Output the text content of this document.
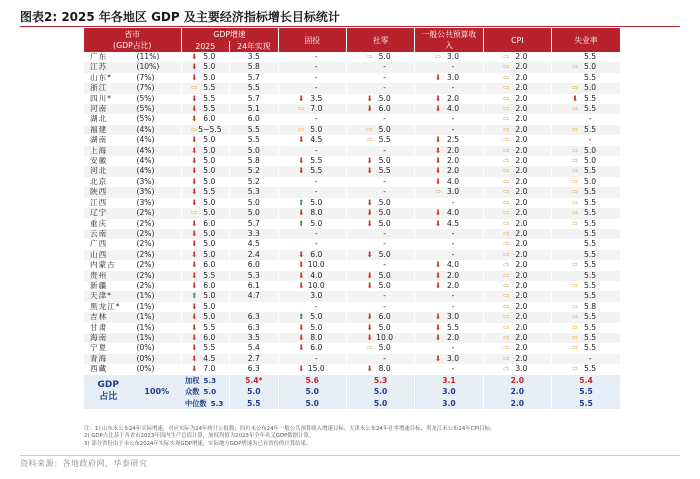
图表2: 2025 年各地区 GDP 及主要经济指标增长目标统计
省市
(GDP占比)		GDP增速		固投	社零	一般公共预算收入	CPI	失业率
		2025	24年实现					
广东	(11%)	⬇ 5.0	3.5	-	⇨ 5.0	⇨ 3.0	⇨ 2.0	5.5
江苏	(10%)	⬇ 5.0	5.8	-	-	-	⇨ 2.0	⇨ 5.0
山东*	(7%)	⬇ 5.0	5.7	-	-	⬇ 3.0	⇨ 2.0	5.5
浙江	(7%)	⇨ 5.5	5.5	-	-	-	⇨ 2.0	⇨ 5.0
四川*	(5%)	⬇ 5.5	5.7	⬇ 3.5	⬇ 5.0	⬇ 2.0	⇨ 2.0	⬇ 5.5
河南	(5%)	⬇ 5.5	5.1	⇨ 7.0	⬇ 6.0	⬇ 4.0	⇨ 2.0	⇨ 5.5
湖北	(5%)	⬇ 6.0	6.0	-	-	-	⇨ 2.0	-
福建	(4%)	⇨5~5.5	5.5	⇨ 5.0	⇨ 5.0	-	⇨ 2.0	⇨ 5.5
湖南	(4%)	⬇ 5.0	5.5	⬇ 4.5	⇨ 5.5	⬇ 2.5	⇨ 2.0	-
上海	(4%)	⬇ 5.0	5.0	-	-	⬇ 2.0	⇨ 2.0	⇨ 5.0
安徽	(4%)	⬇ 5.0	5.8	⬇ 5.5	⬇ 5.0	⬇ 2.0	⇨ 2.0	⇨ 5.0
河北	(4%)	⬇ 5.0	5.2	⬇ 5.5	⬇ 5.5	⬇ 2.0	⇨ 2.0	⇨ 5.5
北京	(3%)	⬇ 5.0	5.2	-	-	⬇ 4.0	⇨ 2.0	⇨ 5.0
陕西	(3%)	⬇ 5.5	5.3	-	-	⇨ 3.0	⇨ 2.0	⇨ 5.5
江西	(3%)	⬇ 5.0	5.0	⬆ 5.0	⬇ 5.0	-	⇨ 2.0	⇨ 5.5
辽宁	(2%)	⇨ 5.0	5.0	⬇ 8.0	⬇ 5.0	⬇ 4.0	⇨ 2.0	⇨ 5.5
重庆	(2%)	⬇ 6.0	5.7	⬆ 5.0	⬇ 5.0	⬇ 4.5	⇨ 2.0	⇨ 5.5
云南	(2%)	⬇ 5.0	3.3	-	-	-	⇨ 2.0	5.5
广西	(2%)	⬇ 5.0	4.5	-	-	-	⇨ 2.0	5.5
山西	(2%)	⬇ 5.0	2.4	⬇ 6.0	⬇ 5.0	-	⇨ 2.0	5.5
内蒙古	(2%)	⬇ 6.0	6.0	⬇ 10.0	-	⬇ 4.0	⇨ 2.0	⇨ 5.5
贵州	(2%)	⬇ 5.5	5.3	⬇ 4.0	⬇ 5.0	⬇ 2.0	⇨ 2.0	5.5
新疆	(2%)	⬇ 6.0	6.1	⬇ 10.0	⬇ 5.0	⬇ 2.0	⇨ 2.0	⇨ 5.5
天津*	(1%)	⬆ 5.0	4.7	3.0	-	-	⇨ 2.0	5.5
黑龙江*	(1%)	⬇ 5.0		-	-	-	⇨ 2.0	⇨ 5.8
吉林	(1%)	⬇ 5.0	6.3	⬆ 5.0	⬇ 6.0	⬇ 3.0	⇨ 2.0	⇨ 5.5
甘肃	(1%)	⬇ 5.5	6.3	⬇ 5.0	⬇ 5.0	⬇ 5.5	⇨ 2.0	⇨ 5.5
海南	(1%)	⬇ 6.0	3.5	⬇ 8.0	⬇ 10.0	⬇ 2.0	⇨ 2.0	⇨ 5.5
宁夏	(0%)	⬇ 5.5	5.4	⬇ 6.0	⇨ 5.0	-	⇨ 2.0	⇨ 5.5
青海	(0%)	⬇ 4.5	2.7	-	-	⬇ 3.0	⇨ 2.0	-
西藏	(0%)	⬇ 7.0	6.3	⬇ 15.0	⬇ 8.0	-	⇨ 3.0	⇨ 5.5
GDP占比	100%	加权 5.3	5.4*	5.6	5.3	3.1	2.0	5.4
		众数 5.0	5.0	5.0	5.0	3.0	2.0	5.5
		中位数 5.3	5.5	5.0	5.0	3.0	2.0	5.5
注：1) 山东未公布24年实际增速，对应实际为24年统计公报数；四川未公布24年一般公共预算收入增速目标；天津未公布24年社零增速目标；黑龙江未公布24年CPI目标。
2) GDP占比基于各省市2023年国内生产总值计算，加权均值为2023年全年名义GDP数据计算。
3) 部分省份由于未公布2024年实际实现GDP增速，实际地方GDP增速为已有省份的计算结果。
资料来源：各地政府网，华泰研究
